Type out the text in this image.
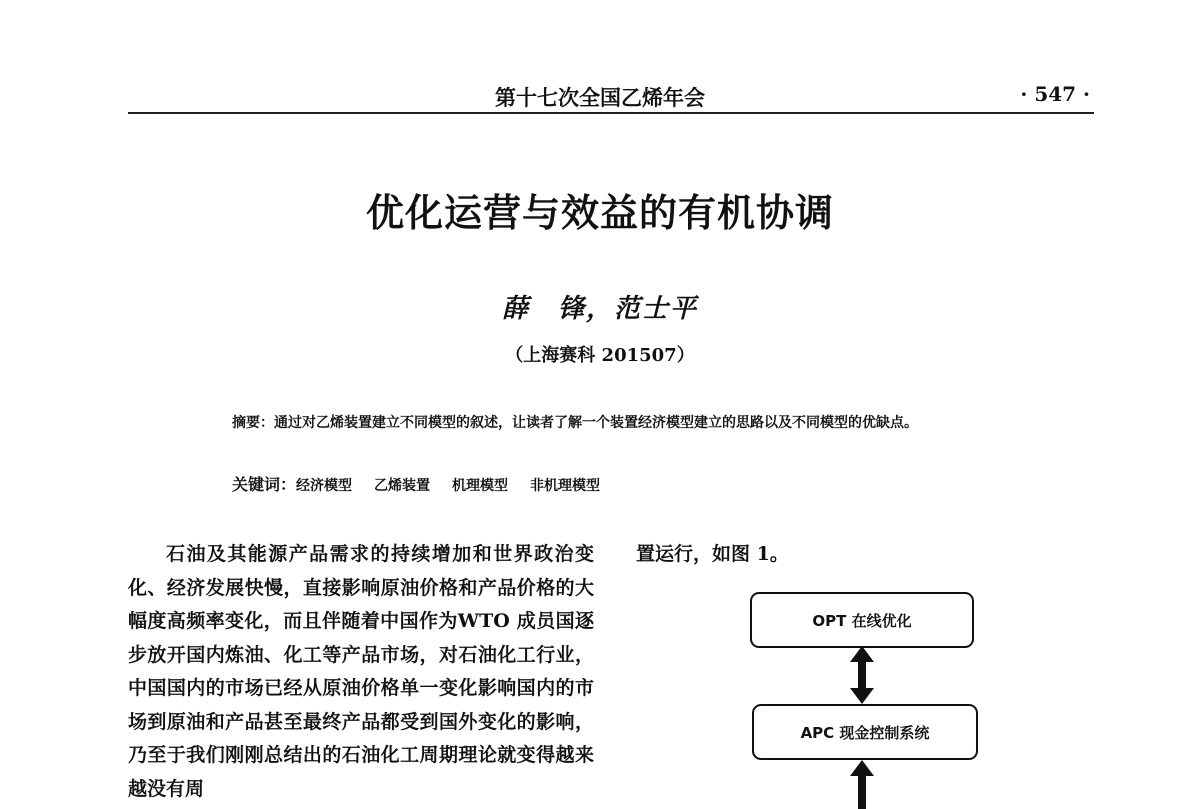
第十七次全国乙烯年会	· 547 ·
优化运营与效益的有机协调
薛　锋，范士平
（上海赛科 201507）
摘要：通过对乙烯装置建立不同模型的叙述，让读者了解一个装置经济模型建立的思路以及不同模型的优缺点。
关键词：经济模型 乙烯装置 机理模型 非机理模型
石油及其能源产品需求的持续增加和世界政治变化、经济发展快慢，直接影响原油价格和产品价格的大幅度高频率变化，而且伴随着中国作为WTO 成员国逐步放开国内炼油、化工等产品市场，对石油化工行业，中国国内的市场已经从原油价格单一变化影响国内的市场到原油和产品甚至最终产品都受到国外变化的影响，乃至于我们刚刚总结出的石油化工周期理论就变得越来越没有周
置运行，如图 1。
OPT 在线优化
APC 现金控制系统
